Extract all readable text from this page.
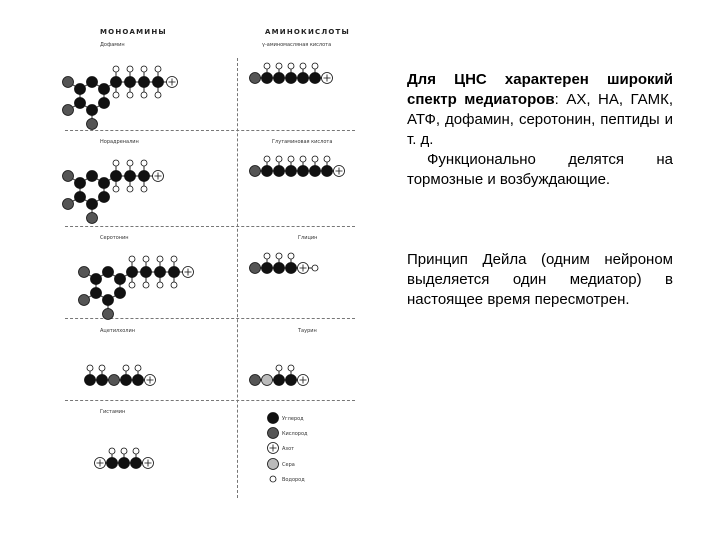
МОНОАМИНЫ	АМИНОКИСЛОТЫ
Дофамин	γ-аминомасляная кислота
Норадреналин	Глутаминовая кислота
Серотонин	Глицин
Ацетилхолин	Таурин
Гистамин
Углерод
Кислород
Азот
Сера
Водород

Для ЦНС характерен широкий спектр медиаторов: АХ, НА, ГАМК, АТФ, дофамин, серотонин, пептиды и т. д.

Функционально делятся на тормозные и возбуждающие.

Принцип Дейла (одним нейроном выделяется один медиатор) в настоящее время пересмотрен.
